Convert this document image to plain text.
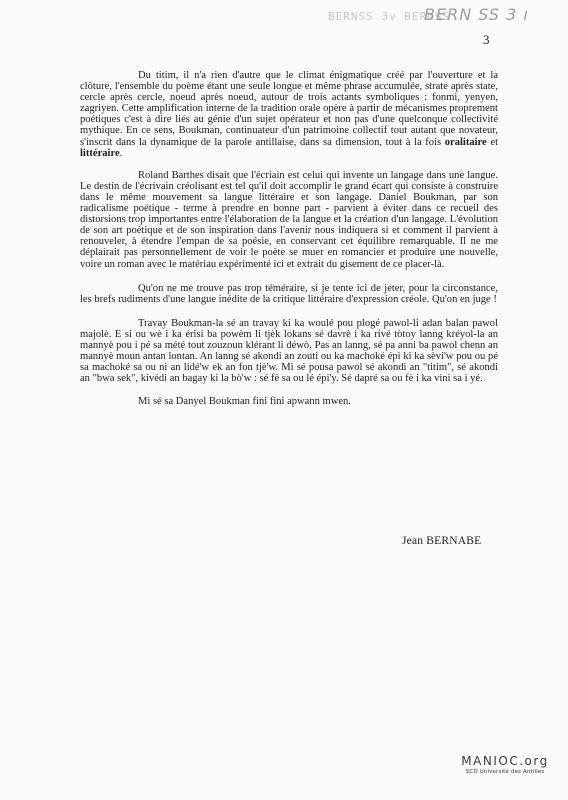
BERNSS 3v BERNSS
BERN SS 3 ı
3

Du titim, il n'a rien d'autre que le climat énigmatique créé par l'ouverture et la clôture, l'ensemble du poème étant une seule longue et même phrase accumulée, strate après state, cercle après cercle, noeud après noeud, autour de trois actants symboliques : fonmi, yenyen, zagriyen. Cette amplification interne de la tradition orale opère à partir de mécanismes proprement poétiques c'est à dire liés au génie d'un sujet opérateur et non pas d'une quelconque collectivité mythique. En ce sens, Boukman, continuateur d'un patrimoine collectif tout autant que novateur, s'inscrit dans la dynamique de la parole antillaise, dans sa dimension, tout à la fois oralitaire et littéraire.

Roland Barthes disait que l'écriain est celui qui invente un langage dans une langue. Le destin de l'écrivain créolisant est tel qu'il doit accomplir le grand écart qui consiste à construire dans le même mouvement sa langue littéraire et son langage. Daniel Boukman, par son radicalisme poétique - terme à prendre en bonne part - parvient à éviter dans ce recueil des distorsions trop importantes entre l'élaboration de la langue et la création d'un langage. L'évolution de son art poétique et de son inspiration dans l'avenir nous indiquera si et comment il parvient à renouveler, à étendre l'empan de sa poésie, en conservant cet équilibre remarquable. Il ne me déplairait pas personnellement de voir le poète se muer en romancier et produire une nouvelle, voire un roman avec le matériau expérimenté ici et extrait du gisement de ce placer-là.

Qu'on ne me trouve pas trop téméraire, si je tente ici de jeter, pour la circonstance, les brefs rudiments d'une langue inédite de la critique littéraire d'expression créole. Qu'on en juge !

Travay Boukman-la sé an travay ki ka woulé pou plogé pawol-li adan balan pawol majolè. E si ou wè i ka érisi ba powèm li tjèk lokans sé davrè i ka rivé tòtoy lanng kréyol-la an mannyè pou i pé sa mété tout zouzoun klérant li déwò. Pas an lanng, sé pa anni ba pawol chenn an mannyè moun antan lontan. An lanng sé akondi an zouti ou ka machoké épi ki ka sèvi'w pou ou pé sa machoké sa ou ni an lidé'w ek an fon tjè'w. Mi sé pousa pawol sé akondi an "titim", sé akondi an "bwa sek", kivédi an bagay ki la bò'w : sé fè sa ou lé épi'y. Sé dapré sa ou fè i ka vini sa i yé.

Mi sé sa Danyel Boukman fini fini apwann mwen.

Jean BERNABE
MANIOC.org
SCD Université des Antilles
